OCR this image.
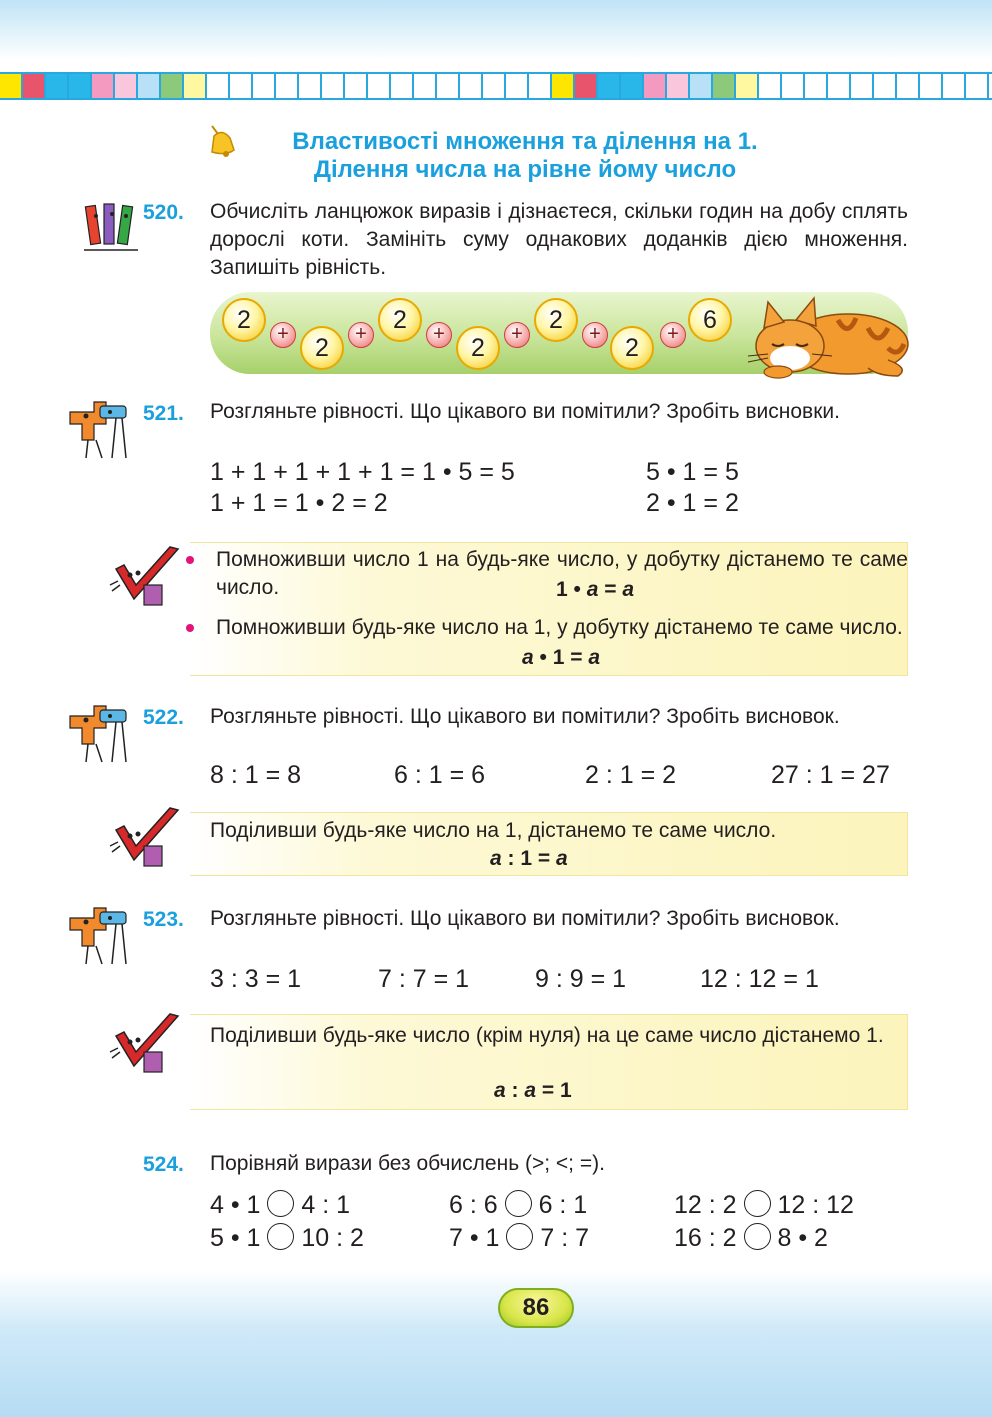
Властивості множення та ділення на 1.
Ділення числа на рівне йому число
520. Обчисліть ланцюжок виразів і дізнаєтеся, скільки годин на добу сплять дорослі коти. Замініть суму однакових доданків дією множення. Запишіть рівність.
2	+	2	+	2	+	2	+	2	+ 2	+ 6
521. Розгляньте рівності. Що цікавого ви помітили? Зробіть висновки.
1 + 1 + 1 + 1 + 1 = 1 • 5 = 5	5 • 1 = 5
1 + 1 = 1 • 2 = 2	2 • 1 = 2
Помноживши число 1 на будь-яке число, у добутку дістанемо те саме число.	1 • a = a
Помноживши будь-яке число на 1, у добутку дістанемо те саме число.
a • 1 = a
522. Розгляньте рівності. Що цікавого ви помітили? Зробіть висновок.
8 : 1 = 8	6 : 1 = 6	2 : 1 = 2	27 : 1 = 27
Поділивши будь-яке число на 1, дістанемо те саме число.
a : 1 = a
523. Розгляньте рівності. Що цікавого ви помітили? Зробіть висновок.
3 : 3 = 1	7 : 7 = 1	9 : 9 = 1	12 : 12 = 1
Поділивши будь-яке число (крім нуля) на це саме число дістанемо 1.
a : a = 1
524. Порівняй вирази без обчислень (>; <; =).
4 • 1 4 : 1	6 : 6 6 : 1	12 : 2 12 : 12
5 • 1 10 : 2	7 • 1 7 : 7	16 : 2 8 • 2
86
